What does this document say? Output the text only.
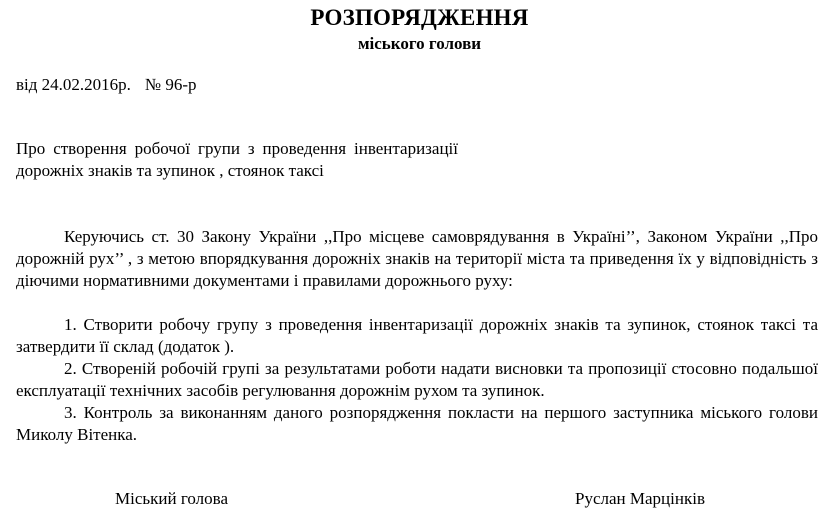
РОЗПОРЯДЖЕННЯ
міського голови
від 24.02.2016р. № 96-р
Про створення робочої групи з проведення інвентаризації дорожніх знаків та зупинок , стоянок таксі

Керуючись ст. 30 Закону України ,,Про місцеве самоврядування в Україні’’, Законом України ,,Про дорожній рух’’ , з метою впорядкування дорожніх знаків на території міста та приведення їх у відповідність з діючими нормативними документами і правилами дорожнього руху:

1. Створити робочу групу з проведення інвентаризації дорожніх знаків та зупинок, стоянок таксі та затвердити її склад (додаток ).

2. Створеній робочій групі за результатами роботи надати висновки та пропозиції стосовно подальшої експлуатації технічних засобів регулювання дорожнім рухом та зупинок.

3. Контроль за виконанням даного розпорядження покласти на першого заступника міського голови Миколу Вітенка.

Міський голова	Руслан Марцінків
